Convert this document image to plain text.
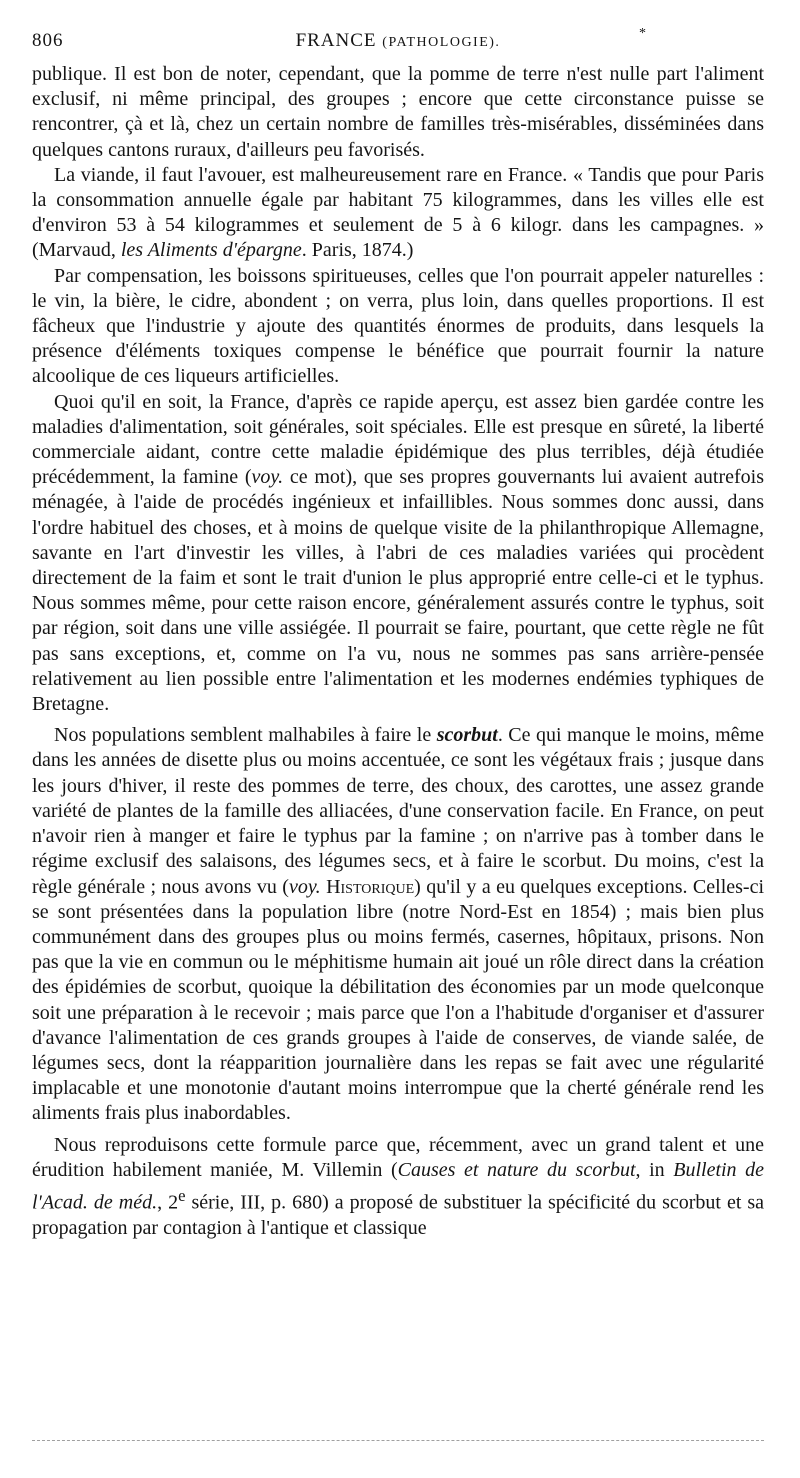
806	FRANCE (PATHOLOGIE).
*

publique. Il est bon de noter, cependant, que la pomme de terre n'est nulle part l'aliment exclusif, ni même principal, des groupes ; encore que cette circonstance puisse se rencontrer, çà et là, chez un certain nombre de familles très-misérables, disséminées dans quelques cantons ruraux, d'ailleurs peu favorisés.

La viande, il faut l'avouer, est malheureusement rare en France. « Tandis que pour Paris la consommation annuelle égale par habitant 75 kilogrammes, dans les villes elle est d'environ 53 à 54 kilogrammes et seulement de 5 à 6 kilogr. dans les campagnes. » (Marvaud, les Aliments d'épargne. Paris, 1874.)

Par compensation, les boissons spiritueuses, celles que l'on pourrait appeler naturelles : le vin, la bière, le cidre, abondent ; on verra, plus loin, dans quelles proportions. Il est fâcheux que l'industrie y ajoute des quantités énormes de produits, dans lesquels la présence d'éléments toxiques compense le bénéfice que pourrait fournir la nature alcoolique de ces liqueurs artificielles.

Quoi qu'il en soit, la France, d'après ce rapide aperçu, est assez bien gardée contre les maladies d'alimentation, soit générales, soit spéciales. Elle est presque en sûreté, la liberté commerciale aidant, contre cette maladie épidémique des plus terribles, déjà étudiée précédemment, la famine (voy. ce mot), que ses propres gouvernants lui avaient autrefois ménagée, à l'aide de procédés ingénieux et infaillibles. Nous sommes donc aussi, dans l'ordre habituel des choses, et à moins de quelque visite de la philanthropique Allemagne, savante en l'art d'investir les villes, à l'abri de ces maladies variées qui procèdent directement de la faim et sont le trait d'union le plus approprié entre celle-ci et le typhus. Nous sommes même, pour cette raison encore, généralement assurés contre le typhus, soit par région, soit dans une ville assiégée. Il pourrait se faire, pourtant, que cette règle ne fût pas sans exceptions, et, comme on l'a vu, nous ne sommes pas sans arrière-pensée relativement au lien possible entre l'alimentation et les modernes endémies typhiques de Bretagne.

Nos populations semblent malhabiles à faire le scorbut. Ce qui manque le moins, même dans les années de disette plus ou moins accentuée, ce sont les végétaux frais ; jusque dans les jours d'hiver, il reste des pommes de terre, des choux, des carottes, une assez grande variété de plantes de la famille des alliacées, d'une conservation facile. En France, on peut n'avoir rien à manger et faire le typhus par la famine ; on n'arrive pas à tomber dans le régime exclusif des salaisons, des légumes secs, et à faire le scorbut. Du moins, c'est la règle générale ; nous avons vu (voy. Historique) qu'il y a eu quelques exceptions. Celles-ci se sont présentées dans la population libre (notre Nord-Est en 1854) ; mais bien plus communément dans des groupes plus ou moins fermés, casernes, hôpitaux, prisons. Non pas que la vie en commun ou le méphitisme humain ait joué un rôle direct dans la création des épidémies de scorbut, quoique la débilitation des économies par un mode quelconque soit une préparation à le recevoir ; mais parce que l'on a l'habitude d'organiser et d'assurer d'avance l'alimentation de ces grands groupes à l'aide de conserves, de viande salée, de légumes secs, dont la réapparition journalière dans les repas se fait avec une régularité implacable et une monotonie d'autant moins interrompue que la cherté générale rend les aliments frais plus inabordables.

Nous reproduisons cette formule parce que, récemment, avec un grand talent et une érudition habilement maniée, M. Villemin (Causes et nature du scorbut, in Bulletin de l'Acad. de méd., 2e série, III, p. 680) a proposé de substituer la spécificité du scorbut et sa propagation par contagion à l'antique et classique
